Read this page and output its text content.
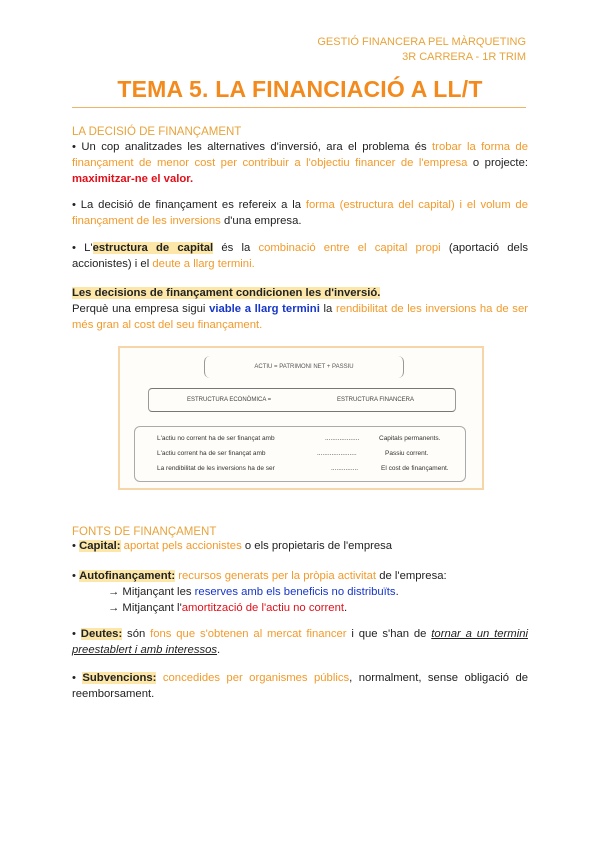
GESTIÓ FINANCERA PEL MÀRQUETING
3R CARRERA - 1R TRIM
TEMA 5. LA FINANCIACIÓ A LL/T
LA DECISIÓ DE FINANÇAMENT
• Un cop analitzades les alternatives d'inversió, ara el problema és trobar la forma de finançament de menor cost per contribuir a l'objectiu financer de l'empresa o projecte: maximitzar-ne el valor.
• La decisió de finançament es refereix a la forma (estructura del capital) i el volum de finançament de les inversions d'una empresa.
• L'estructura de capital és la combinació entre el capital propi (aportació dels accionistes) i el deute a llarg termini.
Les decisions de finançament condicionen les d'inversió.
Perquè una empresa sigui viable a llarg termini la rendibilitat de les inversions ha de ser més gran al cost del seu finançament.
ACTIU = PATRIMONI NET + PASSIU
ESTRUCTURA ECONÒMICA =	ESTRUCTURA FINANCERA
L'actiu no corrent ha de ser finançat amb	...................	Capitals permanents.
L'actiu corrent ha de ser finançat amb	......................	Passiu corrent.
La rendibilitat de les inversions ha de ser	...............	El cost de finançament.
FONTS DE FINANÇAMENT
• Capital: aportat pels accionistes o els propietaris de l'empresa
• Autofinançament: recursos generats per la pròpia activitat de l'empresa:
→ Mitjançant les reserves amb els beneficis no distribuïts.
→ Mitjançant l'amortització de l'actiu no corrent.
• Deutes: són fons que s'obtenen al mercat financer i que s'han de tornar a un termini preestablert i amb interessos.
• Subvencions: concedides per organismes públics, normalment, sense obligació de reemborsament.
